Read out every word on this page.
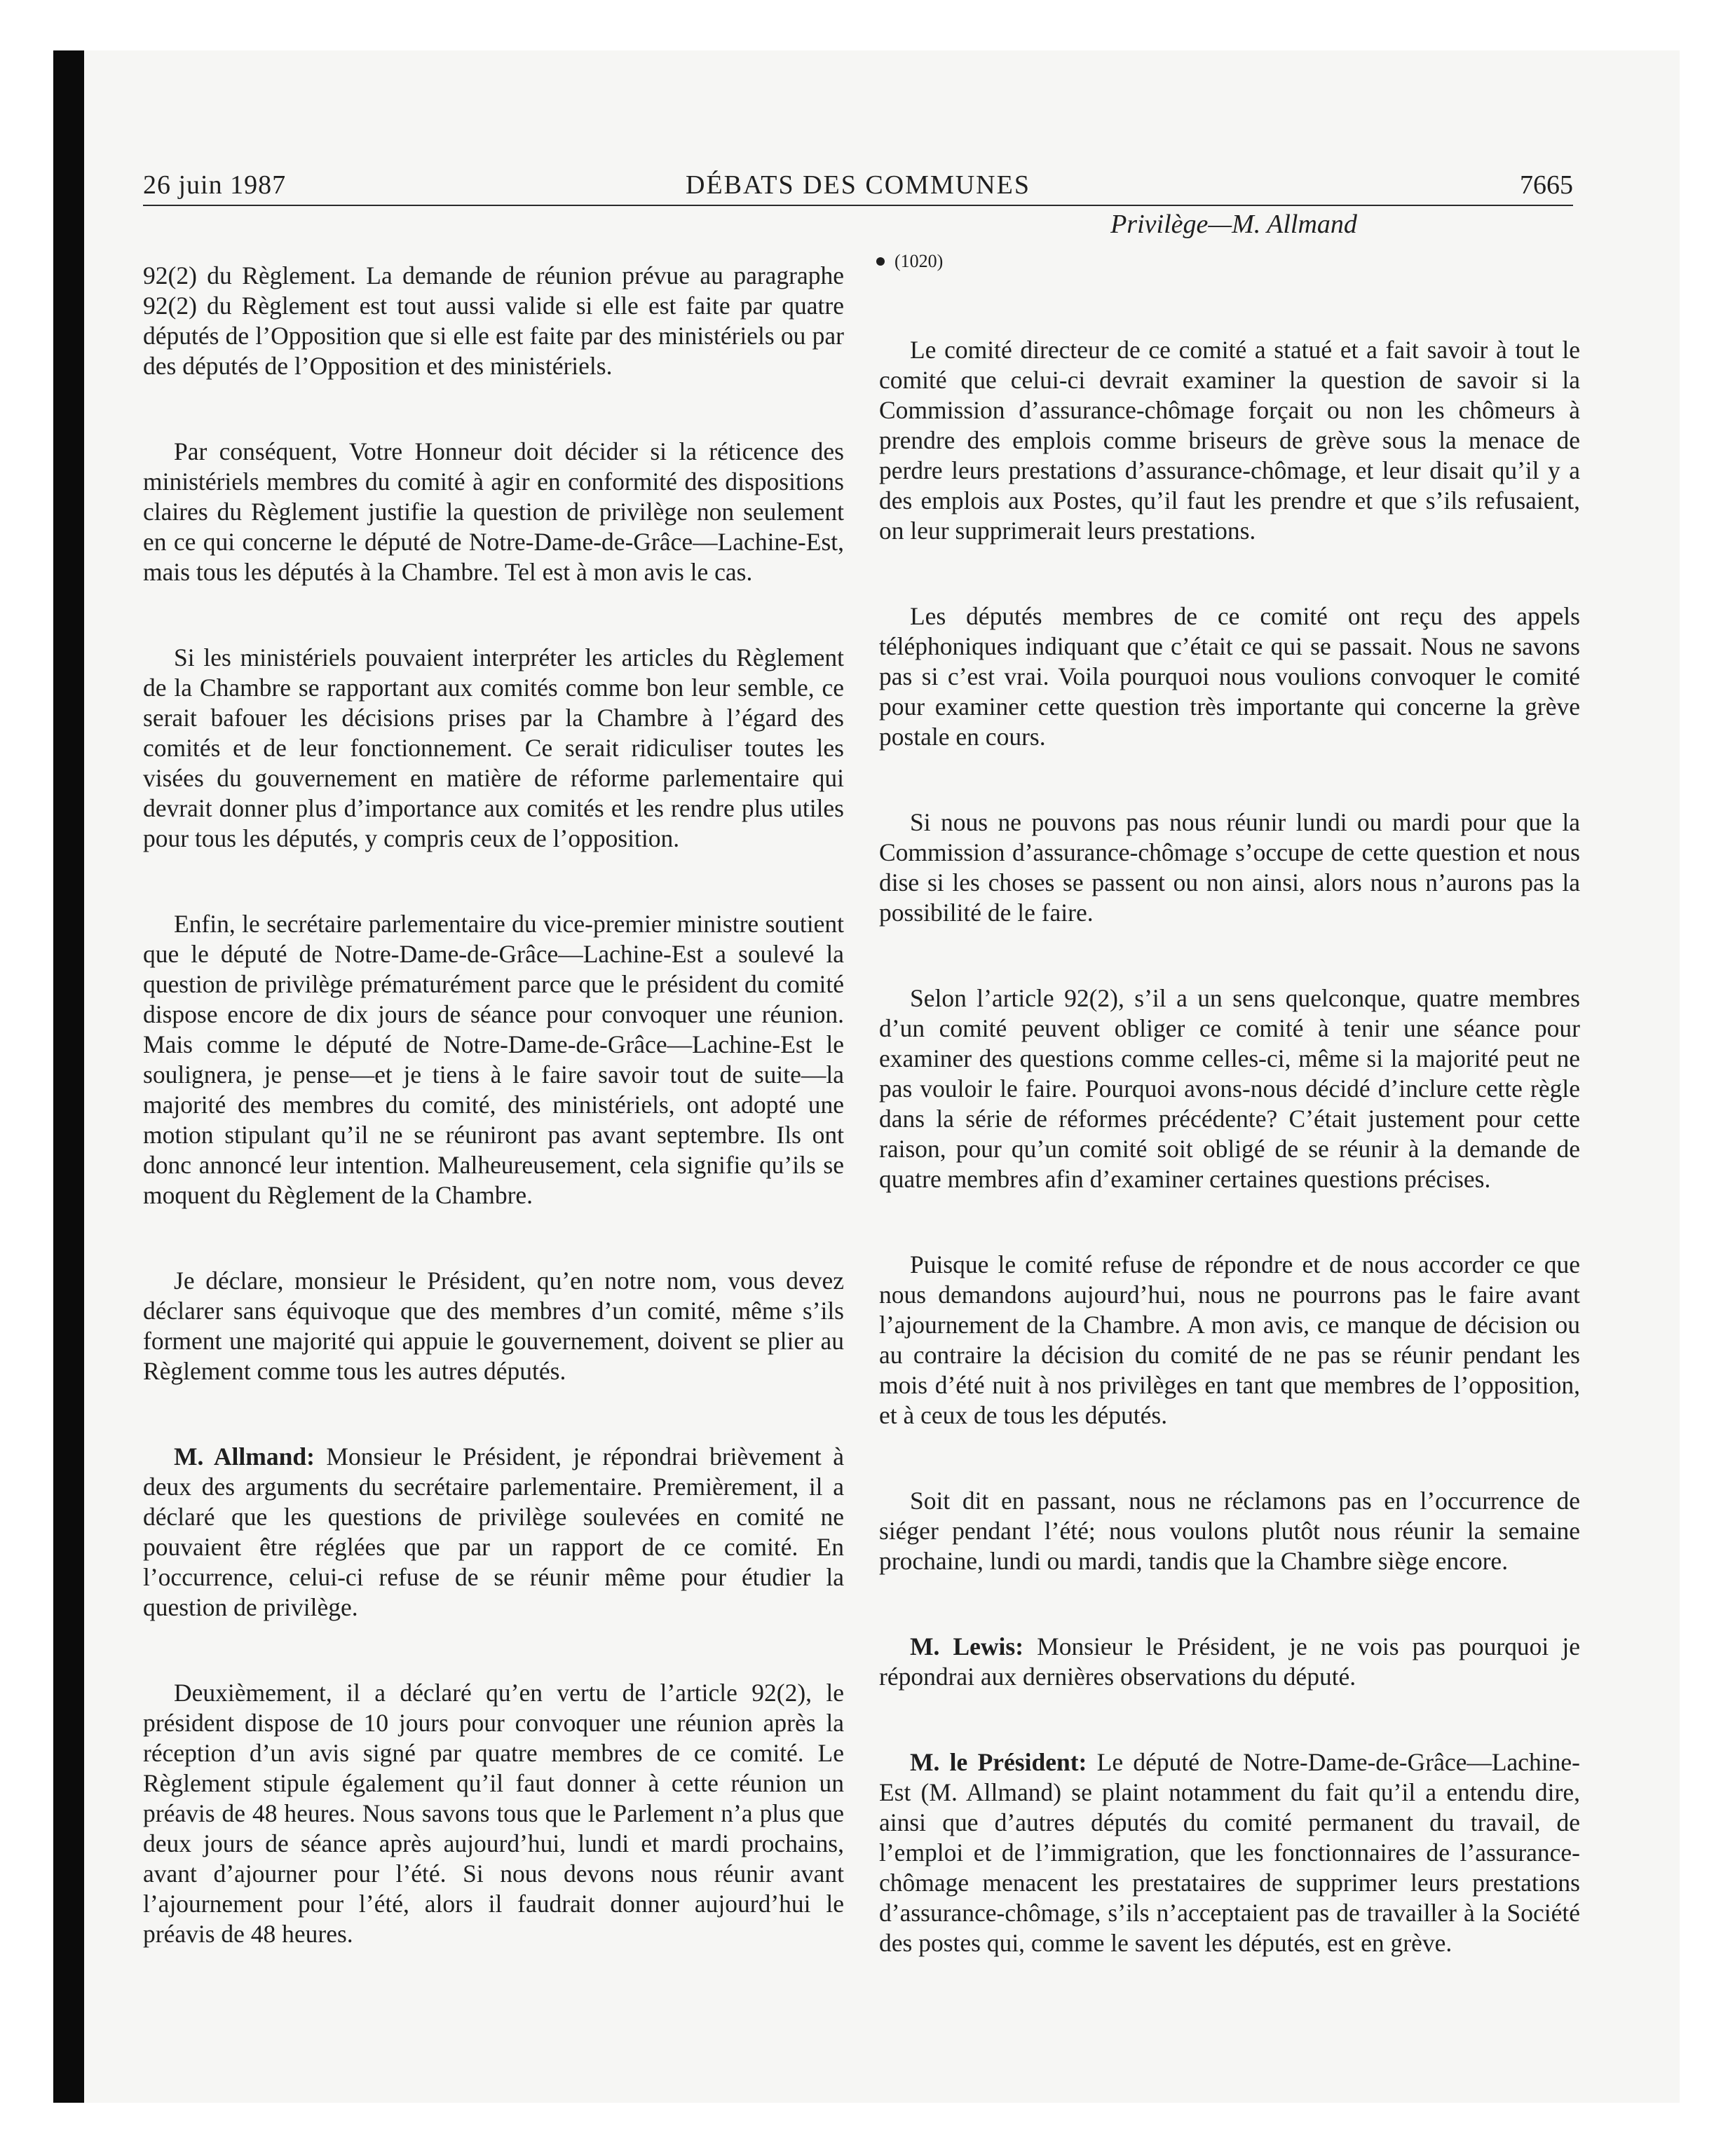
26 juin 1987	DÉBATS DES COMMUNES	7665
Privilège—M. Allmand
(1020)

92(2) du Règlement. La demande de réunion prévue au paragraphe 92(2) du Règlement est tout aussi valide si elle est faite par quatre députés de l’Opposition que si elle est faite par des ministériels ou par des députés de l’Opposition et des ministériels.

Par conséquent, Votre Honneur doit décider si la réticence des ministériels membres du comité à agir en conformité des dispositions claires du Règlement justifie la question de privilège non seulement en ce qui concerne le député de Notre-Dame-de-Grâce—Lachine-Est, mais tous les députés à la Chambre. Tel est à mon avis le cas.

Si les ministériels pouvaient interpréter les articles du Règlement de la Chambre se rapportant aux comités comme bon leur semble, ce serait bafouer les décisions prises par la Chambre à l’égard des comités et de leur fonctionnement. Ce serait ridiculiser toutes les visées du gouvernement en matière de réforme parlementaire qui devrait donner plus d’importance aux comités et les rendre plus utiles pour tous les députés, y compris ceux de l’opposition.

Enfin, le secrétaire parlementaire du vice-premier ministre soutient que le député de Notre-Dame-de-Grâce—Lachine-Est a soulevé la question de privilège prématurément parce que le président du comité dispose encore de dix jours de séance pour convoquer une réunion. Mais comme le député de Notre-Dame-de-Grâce—Lachine-Est le soulignera, je pense—et je tiens à le faire savoir tout de suite—la majorité des membres du comité, des ministériels, ont adopté une motion stipulant qu’il ne se réuniront pas avant septembre. Ils ont donc annoncé leur intention. Malheureusement, cela signifie qu’ils se moquent du Règlement de la Chambre.

Je déclare, monsieur le Président, qu’en notre nom, vous devez déclarer sans équivoque que des membres d’un comité, même s’ils forment une majorité qui appuie le gouvernement, doivent se plier au Règlement comme tous les autres députés.

M. Allmand: Monsieur le Président, je répondrai brièvement à deux des arguments du secrétaire parlementaire. Premièrement, il a déclaré que les questions de privilège soulevées en comité ne pouvaient être réglées que par un rapport de ce comité. En l’occurrence, celui-ci refuse de se réunir même pour étudier la question de privilège.

Deuxièmement, il a déclaré qu’en vertu de l’article 92(2), le président dispose de 10 jours pour convoquer une réunion après la réception d’un avis signé par quatre membres de ce comité. Le Règlement stipule également qu’il faut donner à cette réunion un préavis de 48 heures. Nous savons tous que le Parlement n’a plus que deux jours de séance après aujourd’hui, lundi et mardi prochains, avant d’ajourner pour l’été. Si nous devons nous réunir avant l’ajournement pour l’été, alors il faudrait donner aujourd’hui le préavis de 48 heures.

Le comité directeur de ce comité a statué et a fait savoir à tout le comité que celui-ci devrait examiner la question de savoir si la Commission d’assurance-chômage forçait ou non les chômeurs à prendre des emplois comme briseurs de grève sous la menace de perdre leurs prestations d’assurance-chômage, et leur disait qu’il y a des emplois aux Postes, qu’il faut les prendre et que s’ils refusaient, on leur supprimerait leurs prestations.

Les députés membres de ce comité ont reçu des appels téléphoniques indiquant que c’était ce qui se passait. Nous ne savons pas si c’est vrai. Voila pourquoi nous voulions convoquer le comité pour examiner cette question très importante qui concerne la grève postale en cours.

Si nous ne pouvons pas nous réunir lundi ou mardi pour que la Commission d’assurance-chômage s’occupe de cette question et nous dise si les choses se passent ou non ainsi, alors nous n’aurons pas la possibilité de le faire.

Selon l’article 92(2), s’il a un sens quelconque, quatre membres d’un comité peuvent obliger ce comité à tenir une séance pour examiner des questions comme celles-ci, même si la majorité peut ne pas vouloir le faire. Pourquoi avons-nous décidé d’inclure cette règle dans la série de réformes précédente? C’était justement pour cette raison, pour qu’un comité soit obligé de se réunir à la demande de quatre membres afin d’examiner certaines questions précises.

Puisque le comité refuse de répondre et de nous accorder ce que nous demandons aujourd’hui, nous ne pourrons pas le faire avant l’ajournement de la Chambre. A mon avis, ce manque de décision ou au contraire la décision du comité de ne pas se réunir pendant les mois d’été nuit à nos privilèges en tant que membres de l’opposition, et à ceux de tous les députés.

Soit dit en passant, nous ne réclamons pas en l’occurrence de siéger pendant l’été; nous voulons plutôt nous réunir la semaine prochaine, lundi ou mardi, tandis que la Chambre siège encore.

M. Lewis: Monsieur le Président, je ne vois pas pourquoi je répondrai aux dernières observations du député.

M. le Président: Le député de Notre-Dame-de-Grâce—Lachine-Est (M. Allmand) se plaint notamment du fait qu’il a entendu dire, ainsi que d’autres députés du comité permanent du travail, de l’emploi et de l’immigration, que les fonctionnaires de l’assurance-chômage menacent les prestataires de supprimer leurs prestations d’assurance-chômage, s’ils n’acceptaient pas de travailler à la Société des postes qui, comme le savent les députés, est en grève.
